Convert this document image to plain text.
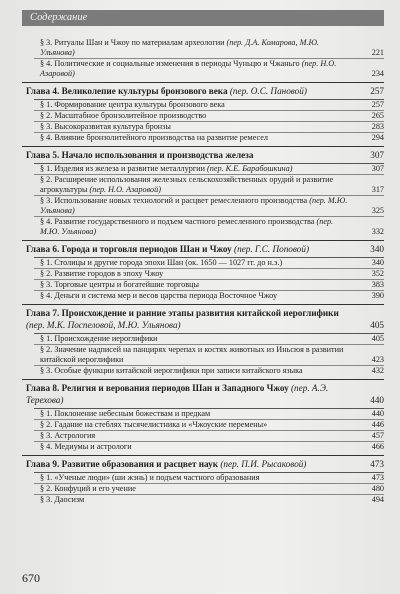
Содержание
§ 3. Ритуалы Шан и Чжоу по материалам археологии (пер. Д.А. Комарова, М.Ю. Ульянова)	221
§ 4. Политические и социальные изменения в периоды Чуньцю и Чжаньго (пер. Н.О. Азаровой)	234
Глава 4. Великолепие культуры бронзового века (пер. О.С. Пановой)	257
§ 1. Формирование центра культуры бронзового века	257
§ 2. Масштабное бронзолитейное производство	265
§ 3. Высокоразвитая культура бронзы	283
§ 4. Влияние бронзолитейного производства на развитие ремесел	294
Глава 5. Начало использования и производства железа	307
§ 1. Изделия из железа и развитие металлургии (пер. К.Е. Барабошкина)	307
§ 2. Расширение использования железных сельскохозяйственных орудий и развитие агрокультуры (пер. Н.О. Азаровой)	317
§ 3. Использование новых технологий и расцвет ремесленного производства (пер. М.Ю. Ульянова)	325
§ 4. Развитие государственного и подъем частного ремесленного производства (пер. М.Ю. Ульянова)	332
Глава 6. Города и торговля периодов Шан и Чжоу (пер. Г.С. Поповой)	340
§ 1. Столицы и другие города эпохи Шан (ок. 1650 — 1027 гг. до н.э.)	340
§ 2. Развитие городов в эпоху Чжоу	352
§ 3. Торговые центры и богатейшие торговцы	383
§ 4. Деньги и система мер и весов царства периода Восточное Чжоу	390
Глава 7. Происхождение и ранние этапы развития китайской иероглифики (пер. М.К. Поспеловой, М.Ю. Ульянова)	405
§ 1. Происхождение иероглифики	405
§ 2. Значение надписей на панцирях черепах и костях животных из Иньсюя в развитии китайской иероглифики	423
§ 3. Особые функции китайской иероглифики при записи китайского языка	432
Глава 8. Религия и верования периодов Шан и Западного Чжоу (пер. А.Э. Терехова)	440
§ 1. Поклонение небесным божествам и предкам	440
§ 2. Гадание на стеблях тысячелистника и «Чжоуские перемены»	446
§ 3. Астрология	457
§ 4. Медиумы и астрологи	466
Глава 9. Развитие образования и расцвет наук (пер. П.И. Рысаковой)	473
§ 1. «Ученые люди» (ши жэнь) и подъем частного образования	473
§ 2. Конфуций и его учение	480
§ 3. Даосизм	494
670
